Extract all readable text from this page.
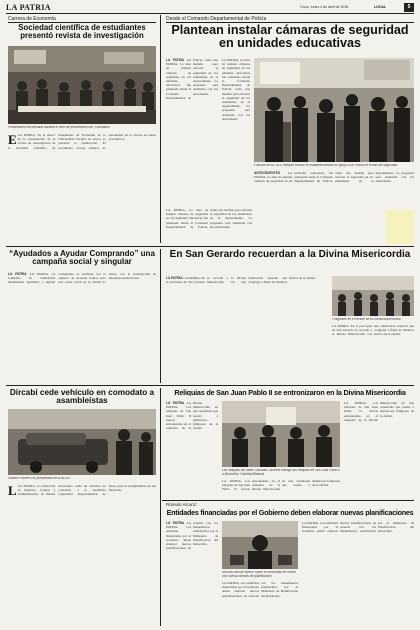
LA PATRIA	Oruro, lunes 4 de abril de 2016	LOCAL	5
Carrera de Economía
Sociedad científica de estudiantes presentó revista de investigación
Presentación aniversaria durante el acto de presentación de "Obituarios"
E LA PATRIA. En el marco de la presentación de la revista de investigación de la Sociedad Científica de Estudiantes de Economía de la Universidad Técnica de Oruro, se presentó la publicación. El documento recoge trabajos de estudiantes de la carrera en temas económicos.
Desde el Comando Departamental de Policía
Plantean instalar cámaras de seguridad en unidades educativas
LA PATRIA LA PATRIA. La idea de instalar cámaras de seguridad en las unidades educativas fue planteada desde el Comando Departamental de Policía, como una medida para reforzar la seguridad de los estudiantes en el departamento. La propuesta será analizada con las autoridades.
LA PATRIA. La idea de instalar cámaras de seguridad en las unidades educativas fue planteada desde el Comando Departamental de Policía, como una medida para reforzar la seguridad de los estudiantes en el departamento. La propuesta será analizada con las autoridades.
Policías de los SES realizan control en establecimientos en apoyo a la Policía en temas de seguridad
ANTECEDENTES LA PATRIA. La idea de instalar cámaras de seguridad en las unidades educativas fue planteada desde el Comando Departamental de Policía, como una medida para reforzar la seguridad de los estudiantes en el departamento. La propuesta será analizada con las autoridades.
LA PATRIA. La idea de instalar cámaras de seguridad en las unidades educativas fue planteada desde el Comando Departamental de Policía, como una medida para reforzar la seguridad de los estudiantes en el departamento. La propuesta será analizada con las autoridades.
“Ayudados a Ayudar Comprando” una campaña social y singular
LA PATRIA LA PATRIA. La Campaña de Solidaridad denominada Ayudados a Ayudar Comprando se realizará con el objetivo de recaudar fondos para una causa social en la ciudad de Oruro, con la participación de diferentes instituciones.
En San Gerardo recuerdan a la Divina Misericordia
LA PATRIA LA PATRIA. En la parroquia de San Gerardo se recordó a la Divina Misericordia con una celebración especial que congregó a fieles de distintos barrios de la ciudad.
Feligreses en el recinto de la Divina Misericordia
LA PATRIA. En la parroquia de San Gerardo se recordó a la Divina Misericordia con una celebración especial que congregó a fieles de distintos barrios de la ciudad.
Dircabi cede vehículo en comodato a asambleístas
Sandro Pacheco es presentado de la ALDO
L LA PATRIA. La Dirección de Registro, Control y Administración de Bienes Incautados cedió un vehículo en comodato a la Asamblea Legislativa Departamental de Oruro para el cumplimiento de sus funciones.
Reliquias de San Juan Pablo II se entronizaron en la Divina Misericordia
LA PATRIA LA PATRIA. Las reliquias de San Juan Pablo II fueron entronizadas en el santuario de la Divina Misericordia en una ceremonia que reunió a numerosos feligreses de la ciudad.
Las reliquias del beato Salvador Cáceres entregó las reliquias de San Juan Pablo II a Monseñor Cristóbal Bialasik
LA PATRIA. Las reliquias de San Juan Pablo II fueron entronizadas en el santuario de la Divina Misericordia en una ceremonia que reunió a numerosos feligreses de la ciudad.
LA PATRIA. Las reliquias de San Juan Pablo II fueron entronizadas en el santuario de la Divina Misericordia en una ceremonia que reunió a numerosos feligreses de la ciudad.
Rómulo Alconz:
Entidades financiadas por el Gobierno deben elaborar nuevas planificaciones
LA PATRIA LA PATRIA. Las entidades financiadas por el Gobierno deben elaborar nuevas planificaciones de acuerdo con los lineamientos establecidos por el Ministerio de Planificación del Desarrollo.
Rómulo Alconz explicó sobre la necesidad de contar con nuevas formas de planificación
LA PATRIA. Las entidades financiadas por el Gobierno deben elaborar nuevas planificaciones de acuerdo con los lineamientos establecidos por el Ministerio de Planificación del Desarrollo.
LA PATRIA. Las entidades financiadas por el Gobierno deben elaborar nuevas planificaciones de acuerdo con los lineamientos establecidos por el Ministerio de Planificación del Desarrollo.
